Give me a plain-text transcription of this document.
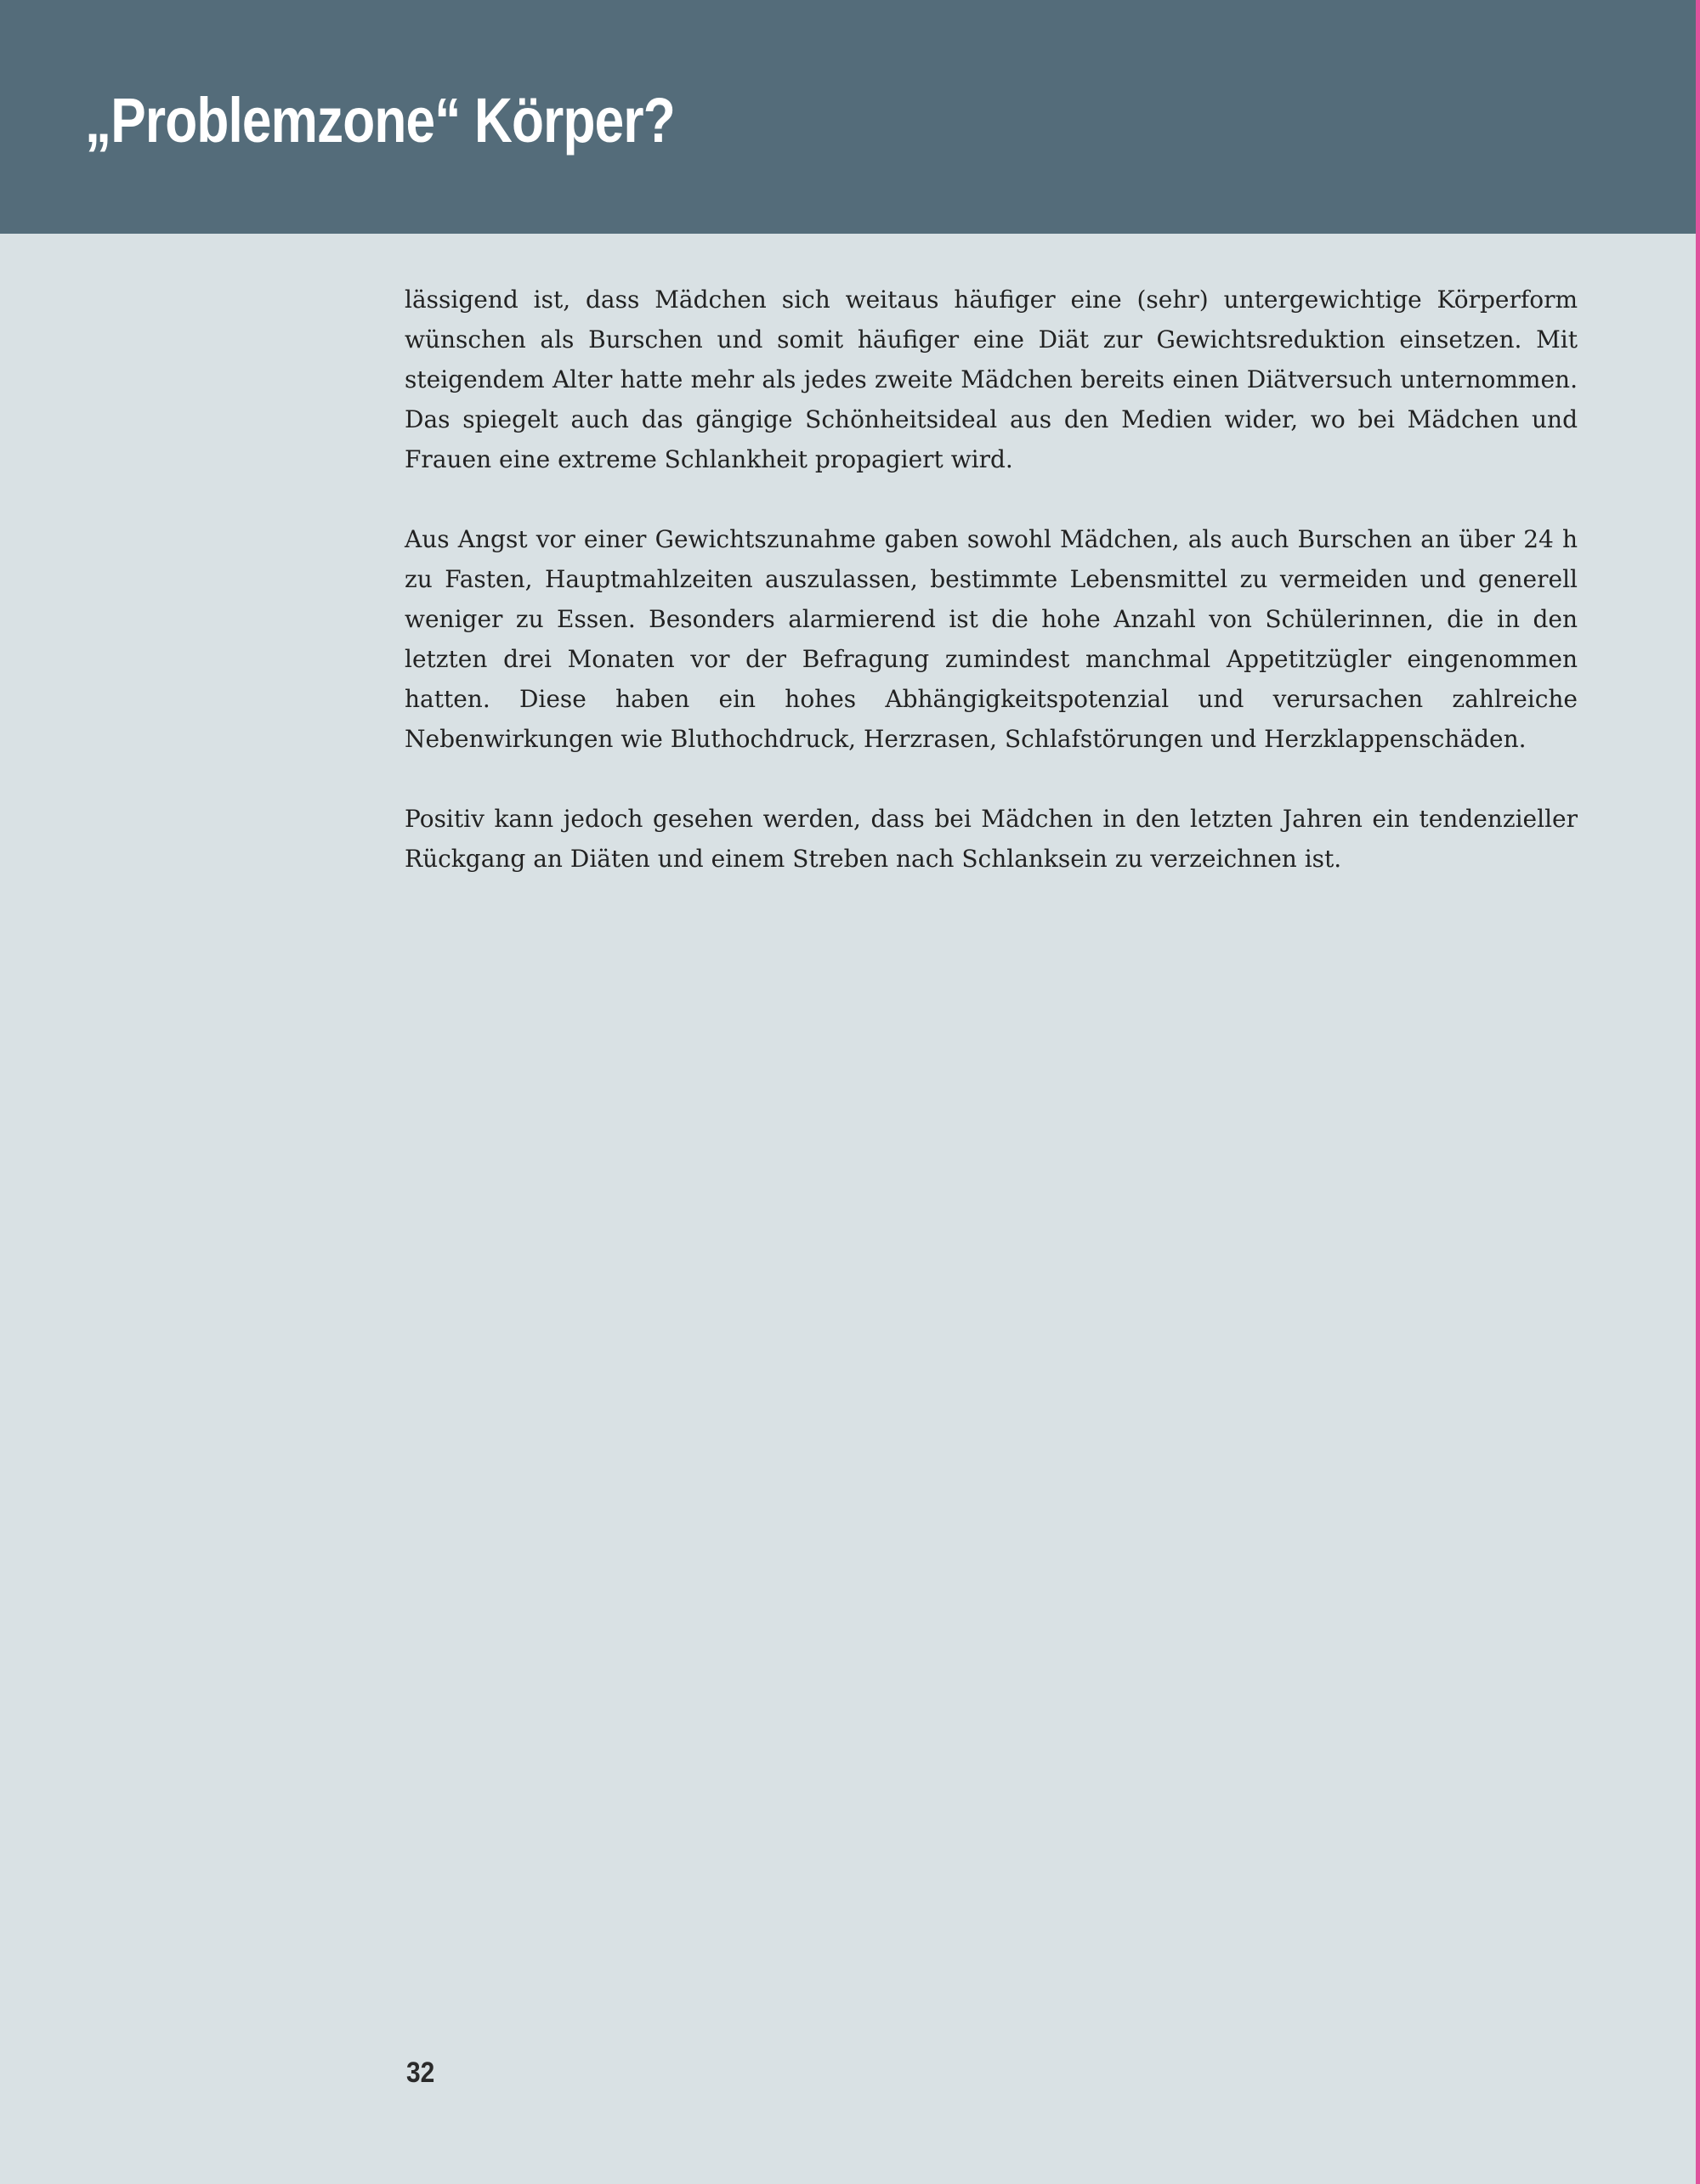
„Problemzone“ Körper?

lässigend ist, dass Mädchen sich weitaus häufiger eine (sehr) untergewichtige Körperform wünschen als Burschen und somit häufiger eine Diät zur Gewichtsreduktion einsetzen. Mit steigendem Alter hatte mehr als jedes zweite Mädchen bereits einen Diätversuch unternommen. Das spiegelt auch das gängige Schönheitsideal aus den Medien wider, wo bei Mädchen und Frauen eine extreme Schlankheit propagiert wird.

Aus Angst vor einer Gewichtszunahme gaben sowohl Mädchen, als auch Burschen an über 24 h zu Fasten, Hauptmahlzeiten auszulassen, bestimmte Lebensmittel zu vermeiden und generell weniger zu Essen. Besonders alarmierend ist die hohe Anzahl von Schülerinnen, die in den letzten drei Monaten vor der Befragung zumindest manchmal Appetitzügler eingenommen hatten. Diese haben ein hohes Abhängigkeitspotenzial und verursachen zahlreiche Nebenwirkungen wie Bluthochdruck, Herzrasen, Schlafstörungen und Herzklappenschäden.

Positiv kann jedoch gesehen werden, dass bei Mädchen in den letzten Jahren ein tendenzieller Rückgang an Diäten und einem Streben nach Schlanksein zu verzeichnen ist.

32
